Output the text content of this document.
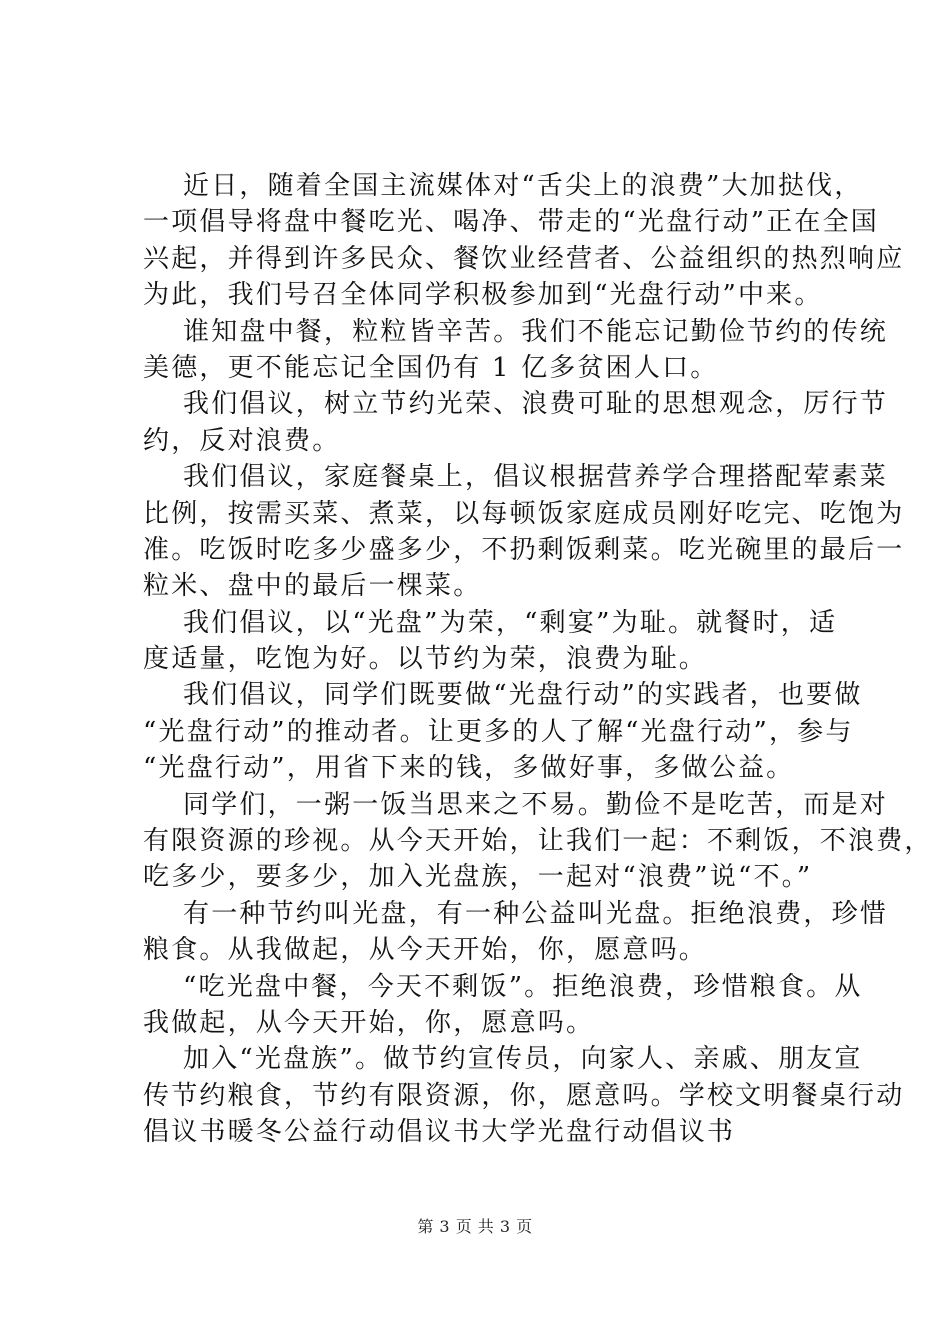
近日，随着全国主流媒体对“舌尖上的浪费”大加挞伐，
一项倡导将盘中餐吃光、喝净、带走的“光盘行动”正在全国
兴起，并得到许多民众、餐饮业经营者、公益组织的热烈响应
为此，我们号召全体同学积极参加到“光盘行动”中来。
谁知盘中餐，粒粒皆辛苦。我们不能忘记勤俭节约的传统
美德，更不能忘记全国仍有 1 亿多贫困人口。
我们倡议，树立节约光荣、浪费可耻的思想观念，厉行节
约，反对浪费。
我们倡议，家庭餐桌上，倡议根据营养学合理搭配荤素菜
比例，按需买菜、煮菜，以每顿饭家庭成员刚好吃完、吃饱为
准。吃饭时吃多少盛多少，不扔剩饭剩菜。吃光碗里的最后一
粒米、盘中的最后一棵菜。
我们倡议，以“光盘”为荣，“剩宴”为耻。就餐时，适
度适量，吃饱为好。以节约为荣，浪费为耻。
我们倡议，同学们既要做“光盘行动”的实践者，也要做
“光盘行动”的推动者。让更多的人了解“光盘行动”，参与
“光盘行动”，用省下来的钱，多做好事，多做公益。
同学们，一粥一饭当思来之不易。勤俭不是吃苦，而是对
有限资源的珍视。从今天开始，让我们一起：不剩饭，不浪费，
吃多少，要多少，加入光盘族，一起对“浪费”说“不。”
有一种节约叫光盘，有一种公益叫光盘。拒绝浪费，珍惜
粮食。从我做起，从今天开始，你，愿意吗。
“吃光盘中餐，今天不剩饭”。拒绝浪费，珍惜粮食。从
我做起，从今天开始，你，愿意吗。
加入“光盘族”。做节约宣传员，向家人、亲戚、朋友宣
传节约粮食，节约有限资源，你，愿意吗。学校文明餐桌行动
倡议书暖冬公益行动倡议书大学光盘行动倡议书
第 3 页 共 3 页
